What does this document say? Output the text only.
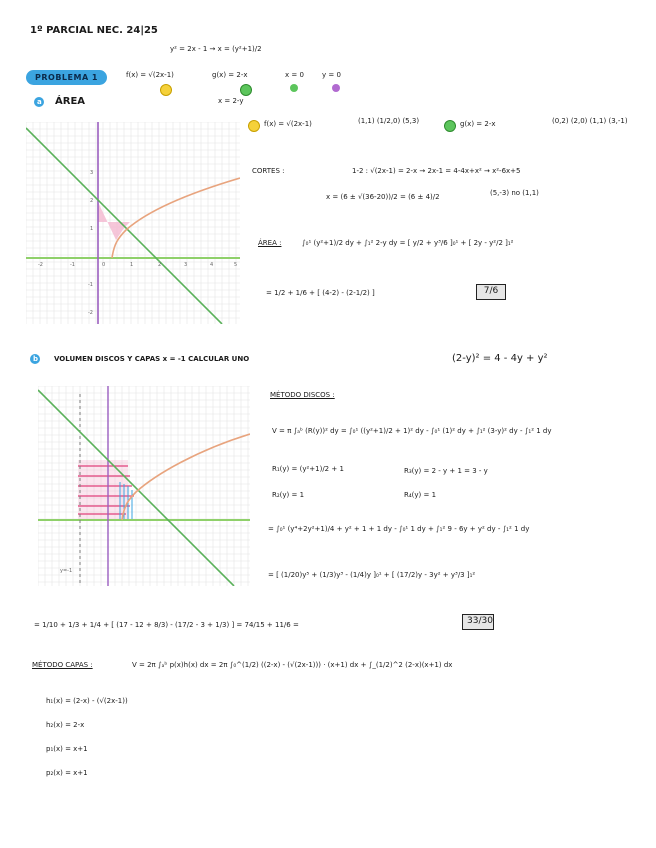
1º PARCIAL NEC. 24|25
y² = 2x - 1 → x = (y²+1)/2
PROBLEMA 1	f(x) = √(2x-1)	g(x) = 2-x	x = 0	y = 0
a ÁREA	x = 2-y
-2	-1	0	1	2	3	4	5
3
2
1
-1
-2
f(x) = √(2x-1)	(1,1) (1/2,0) (5,3)	g(x) = 2-x	(0,2) (2,0) (1,1) (3,-1)
CORTES :	1-2 : √(2x-1) = 2-x → 2x-1 = 4-4x+x² → x²-6x+5
x = (6 ± √(36-20))/2 = (6 ± 4)/2	(5,-3) no (1,1)
ÁREA :	∫₀¹ (y²+1)/2 dy + ∫₁² 2-y dy = [ y/2 + y³/6 ]₀¹ + [ 2y - y²/2 ]₁²
= 1/2 + 1/6 + [ (4-2) - (2-1/2) ]	7/6
b VOLUMEN DISCOS Y CAPAS x = -1 CALCULAR UNO	(2-y)² = 4 - 4y + y²
y=-1
MÉTODO DISCOS :
V = π ∫ₐᵇ (R(y))² dy = ∫₀¹ ((y²+1)/2 + 1)² dy - ∫₀¹ (1)² dy + ∫₁² (3-y)² dy - ∫₁² 1 dy
R₁(y) = (y²+1)/2 + 1	R₃(y) = 2 - y + 1 = 3 - y
R₂(y) = 1	R₄(y) = 1
= ∫₀¹ (y⁴+2y²+1)/4 + y² + 1 + 1 dy - ∫₀¹ 1 dy + ∫₁² 9 - 6y + y² dy - ∫₁² 1 dy
= [ (1/20)y⁵ + (1/3)y³ - (1/4)y ]₀¹ + [ (17/2)y - 3y² + y³/3 ]₁²
= 1/10 + 1/3 + 1/4 + [ (17 - 12 + 8/3) - (17/2 - 3 + 1/3) ] = 74/15 + 11/6 =	33/30
MÉTODO CAPAS :	V = 2π ∫ₐᵇ p(x)h(x) dx = 2π ∫₀^(1/2) ((2-x) - (√(2x-1))) · (x+1) dx + ∫_(1/2)^2 (2-x)(x+1) dx
h₁(x) = (2-x) - (√(2x-1))
h₂(x) = 2-x
p₁(x) = x+1
p₂(x) = x+1
